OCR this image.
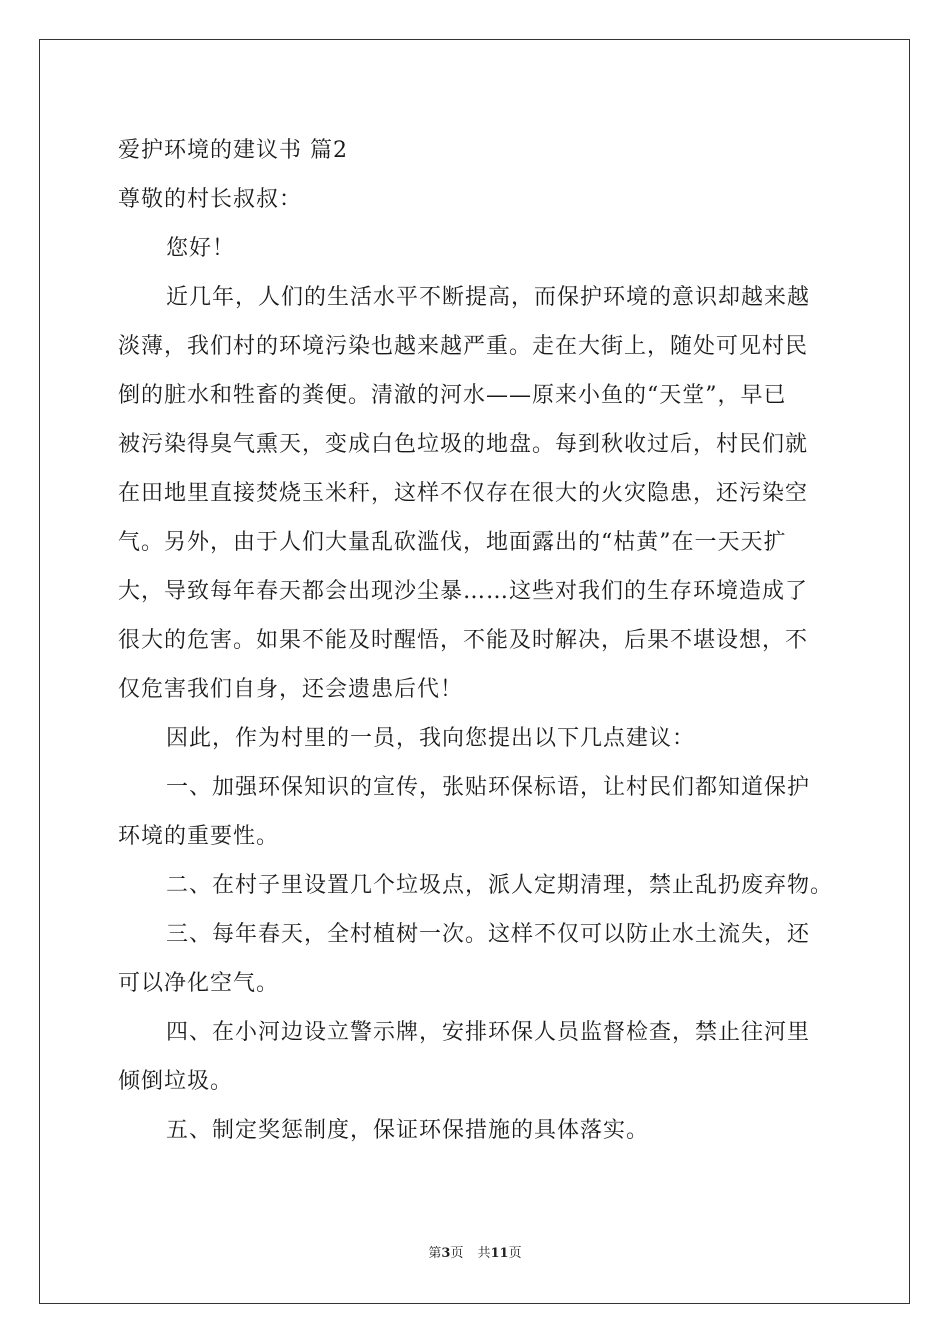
爱护环境的建议书 篇2

尊敬的村长叔叔：

您好！

近几年，人们的生活水平不断提高，而保护环境的意识却越来越

淡薄，我们村的环境污染也越来越严重。走在大街上，随处可见村民

倒的脏水和牲畜的粪便。清澈的河水——原来小鱼的“天堂”，早已

被污染得臭气熏天，变成白色垃圾的地盘。每到秋收过后，村民们就

在田地里直接焚烧玉米秆，这样不仅存在很大的火灾隐患，还污染空

气。另外，由于人们大量乱砍滥伐，地面露出的“枯黄”在一天天扩

大，导致每年春天都会出现沙尘暴……这些对我们的生存环境造成了

很大的危害。如果不能及时醒悟，不能及时解决，后果不堪设想，不

仅危害我们自身，还会遗患后代！

因此，作为村里的一员，我向您提出以下几点建议：

一、加强环保知识的宣传，张贴环保标语，让村民们都知道保护

环境的重要性。

二、在村子里设置几个垃圾点，派人定期清理，禁止乱扔废弃物。

三、每年春天，全村植树一次。这样不仅可以防止水土流失，还

可以净化空气。

四、在小河边设立警示牌，安排环保人员监督检查，禁止往河里

倾倒垃圾。

五、制定奖惩制度，保证环保措施的具体落实。

第3页 共11页
